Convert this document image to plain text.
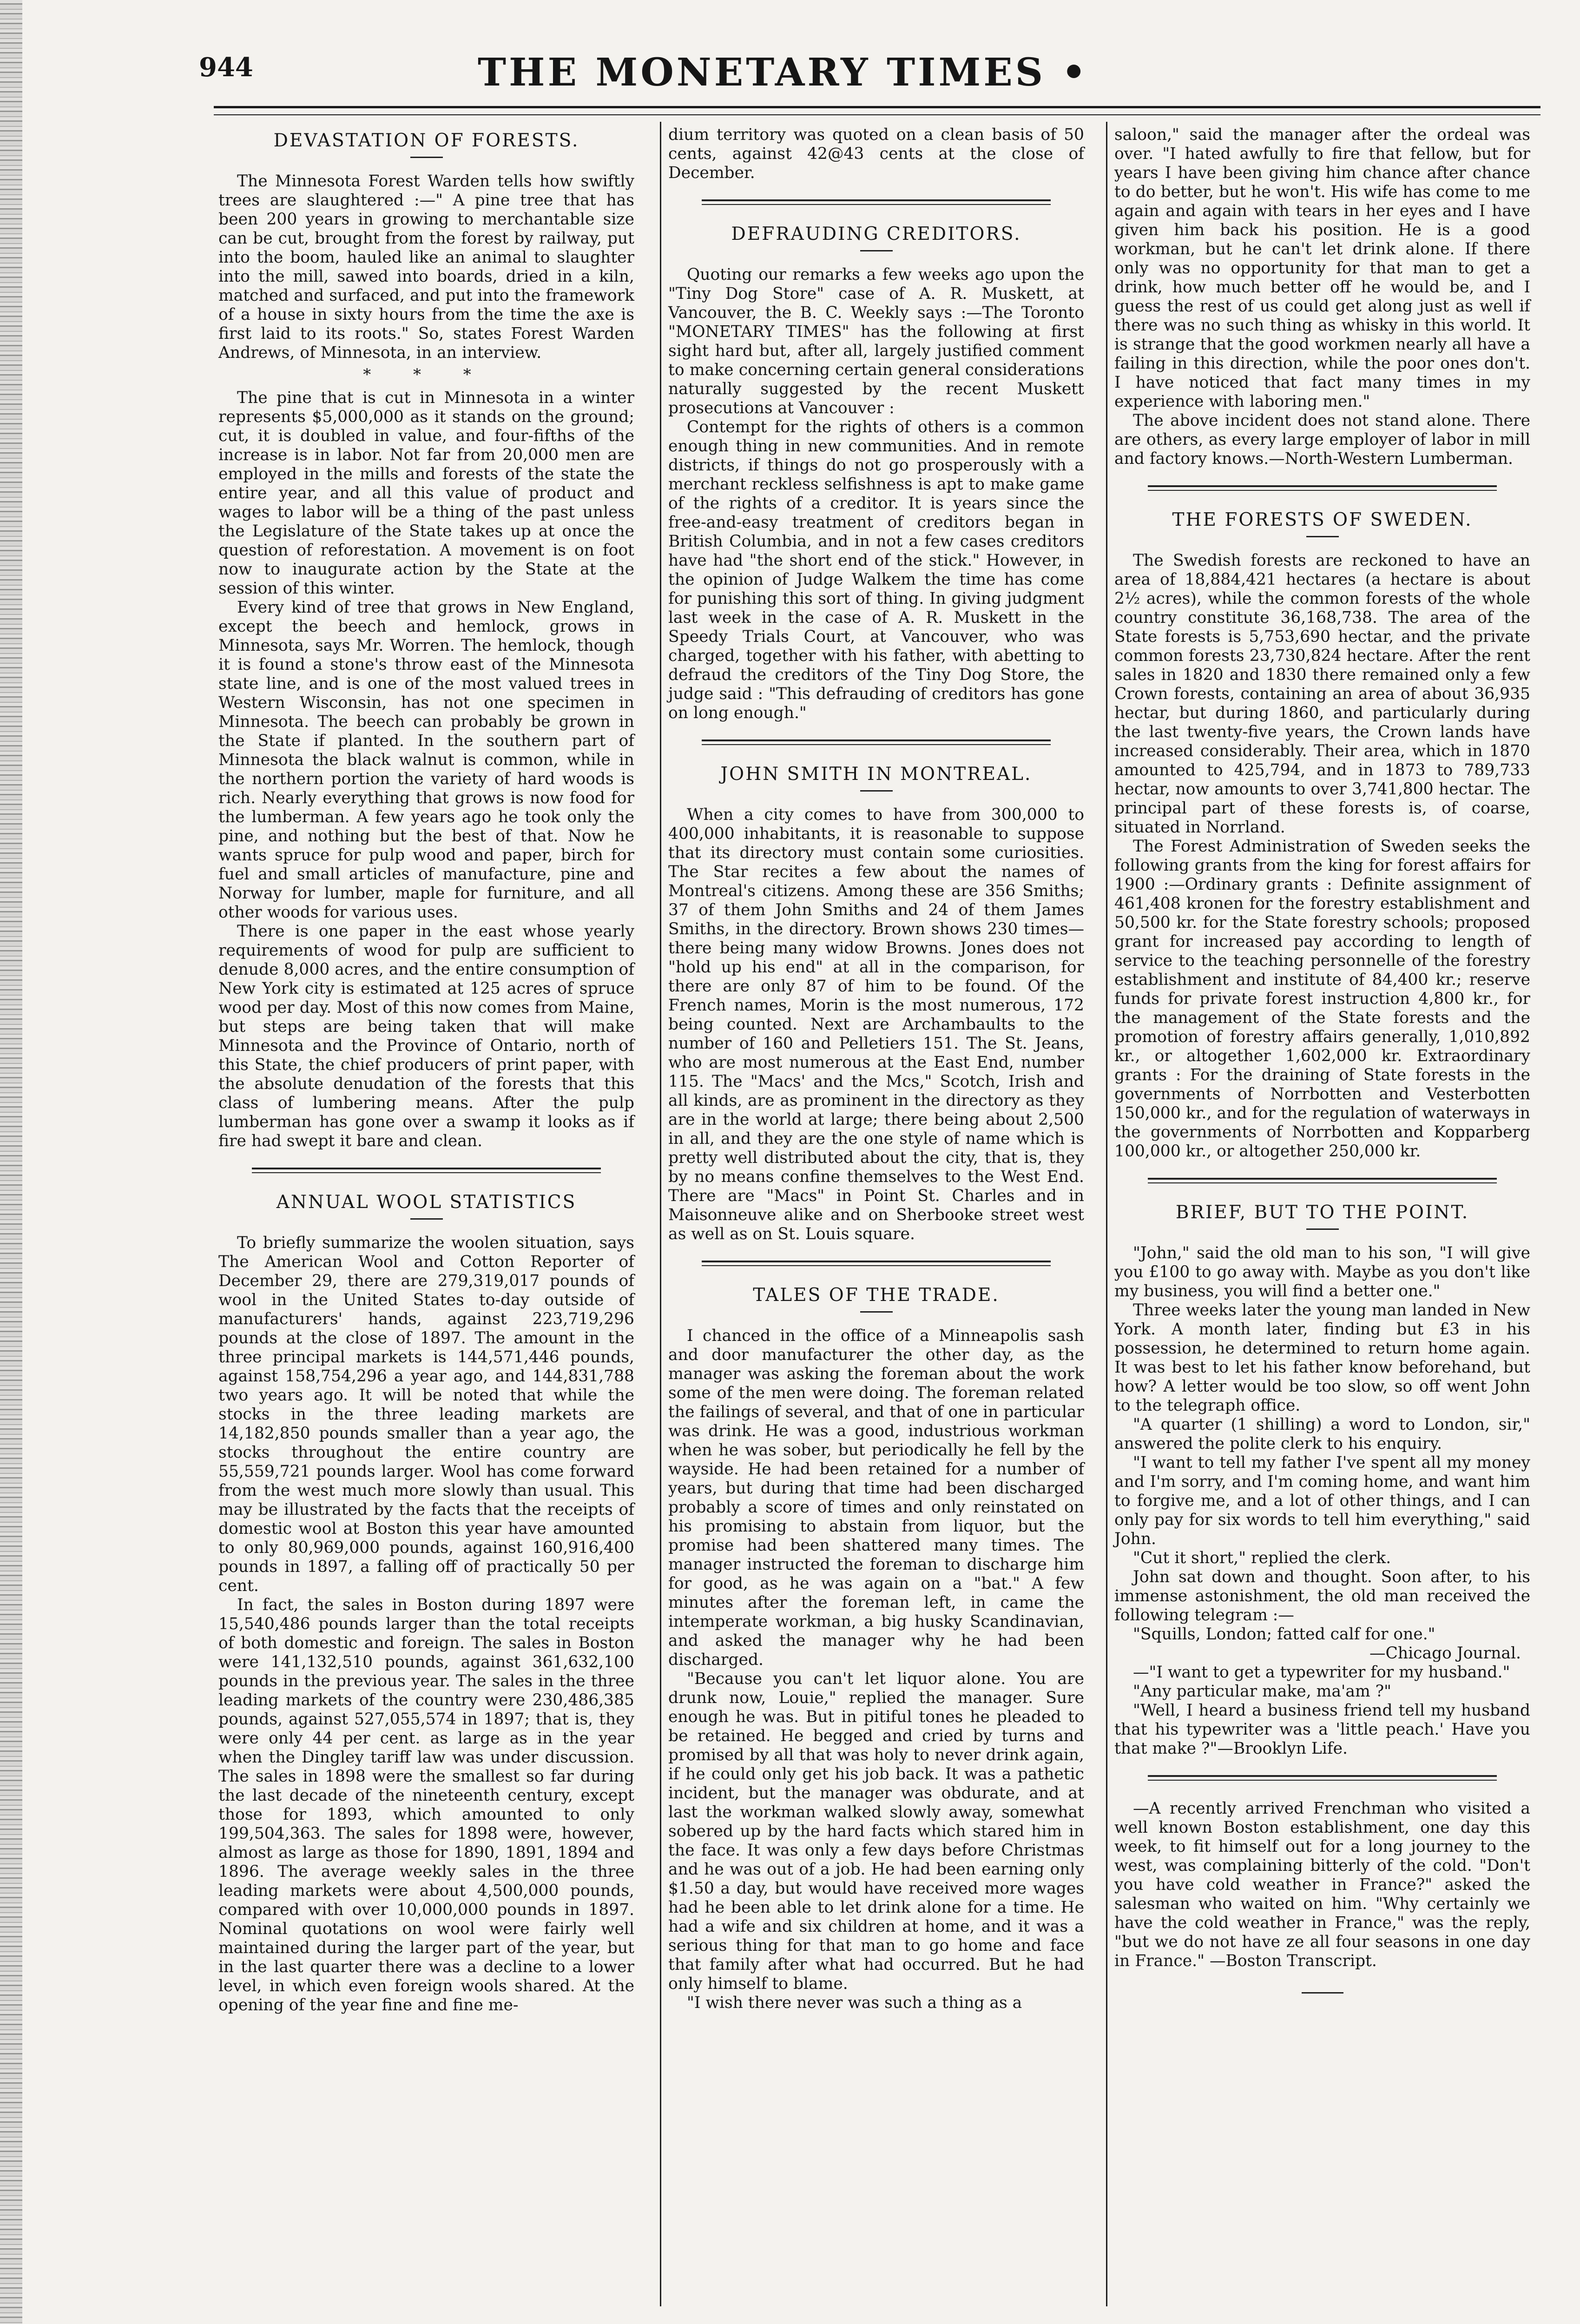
944	THE MONETARY TIMES •
DEVASTATION OF FORESTS.

The Minnesota Forest Warden tells how swiftly trees are slaughtered :—" A pine tree that has been 200 years in growing to merchantable size can be cut, brought from the forest by railway, put into the boom, hauled like an animal to slaughter into the mill, sawed into boards, dried in a kiln, matched and surfaced, and put into the framework of a house in sixty hours from the time the axe is first laid to its roots." So, states Forest Warden Andrews, of Minnesota, in an interview.

* * *

The pine that is cut in Minnesota in a winter represents $5,000,000 as it stands on the ground; cut, it is doubled in value, and four-fifths of the increase is in labor. Not far from 20,000 men are employed in the mills and forests of the state the entire year, and all this value of product and wages to labor will be a thing of the past unless the Legislature of the State takes up at once the question of reforestation. A movement is on foot now to inaugurate action by the State at the session of this winter.

Every kind of tree that grows in New England, except the beech and hemlock, grows in Minnesota, says Mr. Worren. The hemlock, though it is found a stone's throw east of the Minnesota state line, and is one of the most valued trees in Western Wisconsin, has not one specimen in Minnesota. The beech can probably be grown in the State if planted. In the southern part of Minnesota the black walnut is common, while in the northern portion the variety of hard woods is rich. Nearly everything that grows is now food for the lumberman. A few years ago he took only the pine, and nothing but the best of that. Now he wants spruce for pulp wood and paper, birch for fuel and small articles of manufacture, pine and Norway for lumber, maple for furniture, and all other woods for various uses.

There is one paper in the east whose yearly requirements of wood for pulp are sufficient to denude 8,000 acres, and the entire consumption of New York city is estimated at 125 acres of spruce wood per day. Most of this now comes from Maine, but steps are being taken that will make Minnesota and the Province of Ontario, north of this State, the chief producers of print paper, with the absolute denudation of the forests that this class of lumbering means. After the pulp lumberman has gone over a swamp it looks as if fire had swept it bare and clean.

ANNUAL WOOL STATISTICS

To briefly summarize the woolen situation, says The American Wool and Cotton Reporter of December 29, there are 279,319,017 pounds of wool in the United States to-day outside of manufacturers' hands, against 223,719,296 pounds at the close of 1897. The amount in the three principal markets is 144,571,446 pounds, against 158,754,296 a year ago, and 144,831,788 two years ago. It will be noted that while the stocks in the three leading markets are 14,182,850 pounds smaller than a year ago, the stocks throughout the entire country are 55,559,721 pounds larger. Wool has come forward from the west much more slowly than usual. This may be illustrated by the facts that the receipts of domestic wool at Boston this year have amounted to only 80,969,000 pounds, against 160,916,400 pounds in 1897, a falling off of practically 50 per cent.

In fact, the sales in Boston during 1897 were 15,540,486 pounds larger than the total receipts of both domestic and foreign. The sales in Boston were 141,132,510 pounds, against 361,632,100 pounds in the previous year. The sales in the three leading markets of the country were 230,486,385 pounds, against 527,055,574 in 1897; that is, they were only 44 per cent. as large as in the year when the Dingley tariff law was under discussion. The sales in 1898 were the smallest so far during the last decade of the nineteenth century, except those for 1893, which amounted to only 199,504,363. The sales for 1898 were, however, almost as large as those for 1890, 1891, 1894 and 1896. The average weekly sales in the three leading markets were about 4,500,000 pounds, compared with over 10,000,000 pounds in 1897. Nominal quotations on wool were fairly well maintained during the larger part of the year, but in the last quarter there was a decline to a lower level, in which even foreign wools shared. At the opening of the year fine and fine me-

dium territory was quoted on a clean basis of 50 cents, against 42@43 cents at the close of December.

DEFRAUDING CREDITORS.

Quoting our remarks a few weeks ago upon the "Tiny Dog Store" case of A. R. Muskett, at Vancouver, the B. C. Weekly says :—The Toronto "MONETARY TIMES" has the following at first sight hard but, after all, largely justified comment to make concerning certain general considerations naturally suggested by the recent Muskett prosecutions at Vancouver :

Contempt for the rights of others is a common enough thing in new communities. And in remote districts, if things do not go prosperously with a merchant reckless selfishness is apt to make game of the rights of a creditor. It is years since the free-and-easy treatment of creditors began in British Columbia, and in not a few cases creditors have had "the short end of the stick." However, in the opinion of Judge Walkem the time has come for punishing this sort of thing. In giving judgment last week in the case of A. R. Muskett in the Speedy Trials Court, at Vancouver, who was charged, together with his father, with abetting to defraud the creditors of the Tiny Dog Store, the judge said : "This defrauding of creditors has gone on long enough."

JOHN SMITH IN MONTREAL.

When a city comes to have from 300,000 to 400,000 inhabitants, it is reasonable to suppose that its directory must contain some curiosities. The Star recites a few about the names of Montreal's citizens. Among these are 356 Smiths; 37 of them John Smiths and 24 of them James Smiths, in the directory. Brown shows 230 times—there being many widow Browns. Jones does not "hold up his end" at all in the comparison, for there are only 87 of him to be found. Of the French names, Morin is the most numerous, 172 being counted. Next are Archambaults to the number of 160 and Pelletiers 151. The St. Jeans, who are most numerous at the East End, number 115. The "Macs' and the Mcs," Scotch, Irish and all kinds, are as prominent in the directory as they are in the world at large; there being about 2,500 in all, and they are the one style of name which is pretty well distributed about the city, that is, they by no means confine themselves to the West End. There are "Macs" in Point St. Charles and in Maisonneuve alike and on Sherbooke street west as well as on St. Louis square.

TALES OF THE TRADE.

I chanced in the office of a Minneapolis sash and door manufacturer the other day, as the manager was asking the foreman about the work some of the men were doing. The foreman related the failings of several, and that of one in particular was drink. He was a good, industrious workman when he was sober, but periodically he fell by the wayside. He had been retained for a number of years, but during that time had been discharged probably a score of times and only reinstated on his promising to abstain from liquor, but the promise had been shattered many times. The manager instructed the foreman to discharge him for good, as he was again on a "bat." A few minutes after the foreman left, in came the intemperate workman, a big husky Scandinavian, and asked the manager why he had been discharged.

"Because you can't let liquor alone. You are drunk now, Louie," replied the manager. Sure enough he was. But in pitiful tones he pleaded to be retained. He begged and cried by turns and promised by all that was holy to never drink again, if he could only get his job back. It was a pathetic incident, but the manager was obdurate, and at last the workman walked slowly away, somewhat sobered up by the hard facts which stared him in the face. It was only a few days before Christmas and he was out of a job. He had been earning only $1.50 a day, but would have received more wages had he been able to let drink alone for a time. He had a wife and six children at home, and it was a serious thing for that man to go home and face that family after what had occurred. But he had only himself to blame.

"I wish there never was such a thing as a

saloon," said the manager after the ordeal was over. "I hated awfully to fire that fellow, but for years I have been giving him chance after chance to do better, but he won't. His wife has come to me again and again with tears in her eyes and I have given him back his position. He is a good workman, but he can't let drink alone. If there only was no opportunity for that man to get a drink, how much better off he would be, and I guess the rest of us could get along just as well if there was no such thing as whisky in this world. It is strange that the good workmen nearly all have a failing in this direction, while the poor ones don't. I have noticed that fact many times in my experience with laboring men."

The above incident does not stand alone. There are others, as every large employer of labor in mill and factory knows.—North-Western Lumberman.

THE FORESTS OF SWEDEN.

The Swedish forests are reckoned to have an area of 18,884,421 hectares (a hectare is about 2½ acres), while the common forests of the whole country constitute 36,168,738. The area of the State forests is 5,753,690 hectar, and the private common forests 23,730,824 hectare. After the rent sales in 1820 and 1830 there remained only a few Crown forests, containing an area of about 36,935 hectar, but during 1860, and particularly during the last twenty-five years, the Crown lands have increased considerably. Their area, which in 1870 amounted to 425,794, and in 1873 to 789,733 hectar, now amounts to over 3,741,800 hectar. The principal part of these forests is, of coarse, situated in Norrland.

The Forest Administration of Sweden seeks the following grants from the king for forest affairs for 1900 :—Ordinary grants : Definite assignment of 461,408 kronen for the forestry establishment and 50,500 kr. for the State forestry schools; proposed grant for increased pay according to length of service to the teaching personnelle of the forestry establishment and institute of 84,400 kr.; reserve funds for private forest instruction 4,800 kr., for the management of the State forests and the promotion of forestry affairs generally, 1,010,892 kr., or altogether 1,602,000 kr. Extraordinary grants : For the draining of State forests in the governments of Norrbotten and Vesterbotten 150,000 kr., and for the regulation of waterways in the governments of Norrbotten and Kopparberg 100,000 kr., or altogether 250,000 kr.

BRIEF, BUT TO THE POINT.

"John," said the old man to his son, "I will give you £100 to go away with. Maybe as you don't like my business, you will find a better one."

Three weeks later the young man landed in New York. A month later, finding but £3 in his possession, he determined to return home again. It was best to let his father know beforehand, but how? A letter would be too slow, so off went John to the telegraph office.

"A quarter (1 shilling) a word to London, sir," answered the polite clerk to his enquiry.

"I want to tell my father I've spent all my money and I'm sorry, and I'm coming home, and want him to forgive me, and a lot of other things, and I can only pay for six words to tell him everything," said John.

"Cut it short," replied the clerk.

John sat down and thought. Soon after, to his immense astonishment, the old man received the following telegram :—

"Squills, London; fatted calf for one."

—Chicago Journal.

—"I want to get a typewriter for my husband."

"Any particular make, ma'am ?"

"Well, I heard a business friend tell my husband that his typewriter was a 'little peach.' Have you that make ?"—Brooklyn Life.

—A recently arrived Frenchman who visited a well known Boston establishment, one day this week, to fit himself out for a long journey to the west, was complaining bitterly of the cold. "Don't you have cold weather in France?" asked the salesman who waited on him. "Why certainly we have the cold weather in France," was the reply, "but we do not have ze all four seasons in one day in France." —Boston Transcript.
